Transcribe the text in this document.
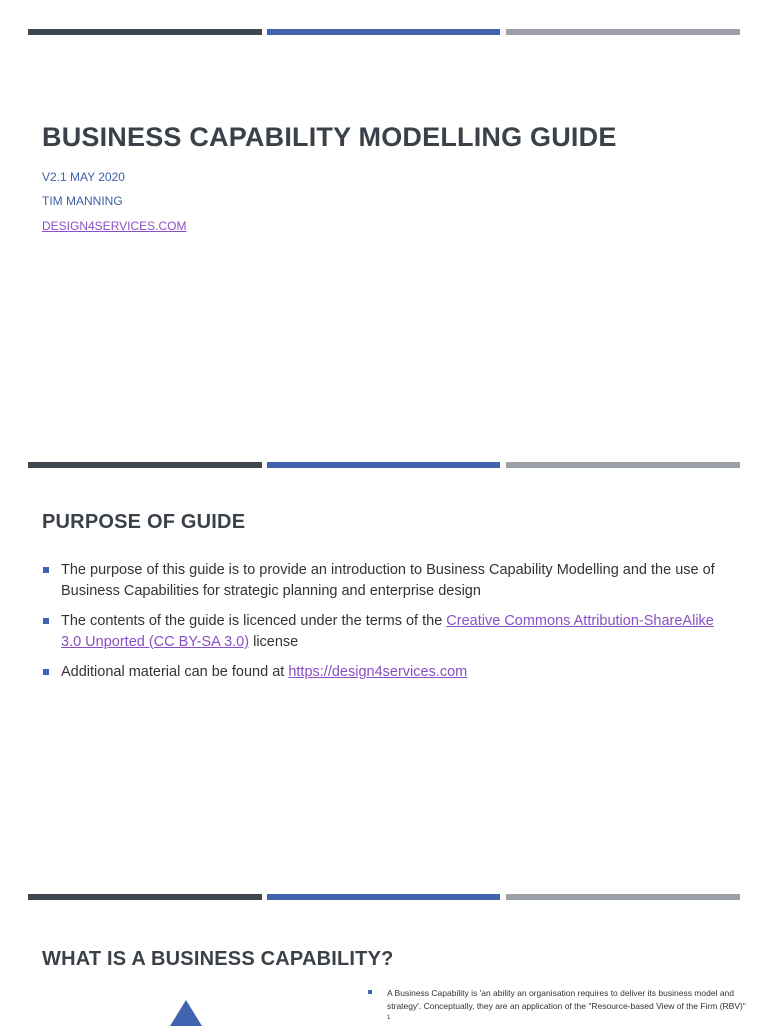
BUSINESS CAPABILITY MODELLING GUIDE
V2.1 MAY 2020
TIM MANNING
DESIGN4SERVICES.COM
PURPOSE OF GUIDE
The purpose of this guide is to provide an introduction to Business Capability Modelling and the use of Business Capabilities for strategic planning and enterprise design
The contents of the guide is licenced under the terms of the Creative Commons Attribution-ShareAlike 3.0 Unported (CC BY-SA 3.0) license
Additional material can be found at https://design4services.com
WHAT IS A BUSINESS CAPABILITY?
A Business Capability is 'an ability an organisation requires to deliver its business model and strategy'. Conceptually, they are an application of the "Resource-based View of the Firm (RBV)" $^1$
